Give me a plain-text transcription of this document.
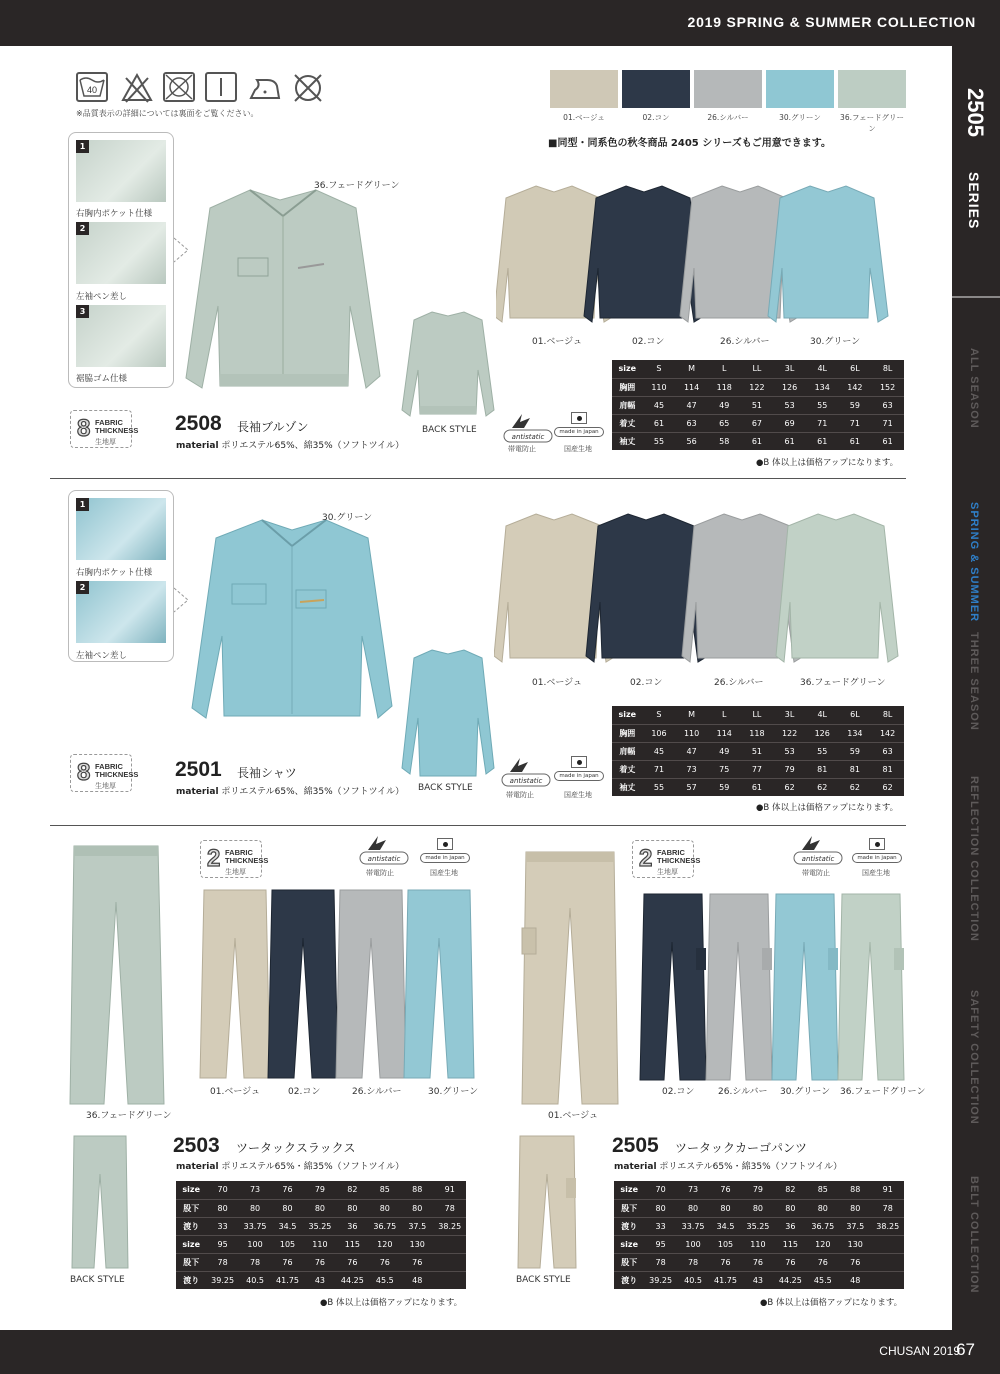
2019 SPRING & SUMMER COLLECTION
2505
SERIES
ALL SEASON
SPRING & SUMMER
THREE SEASON
REFLECTION COLLECTION
SAFETY COLLECTION
BELT COLLECTION
40
※品質表示の詳細については裏面をご覧ください。	01.ベージュ	02.コン	26.シルバー	30.グリーン	36.フェードグリーン
■同型・同系色の秋冬商品 2405 シリーズもご用意できます。
1
右胸内ポケット仕様
2
左袖ペン差し
3
裾脇ゴム仕様
36.フェードグリーン
BACK STYLE
01.ベージュ	02.コン	26.シルバー	30.グリーン
8 FABRIC
THICKNESS
生地厚
2508 長袖ブルゾン
material ポリエステル65%、綿35%（ソフトツイル）
antistatic
帯電防止
made in japan
国産生地
size	S	M	L	LL	3L	4L	6L	8L
胸囲	110	114	118	122	126	134	142	152
肩幅	45	47	49	51	53	55	59	63
着丈	61	63	65	67	69	71	71	71
袖丈	55	56	58	61	61	61	61	61
●B 体以上は価格アップになります。
1
右胸内ポケット仕様
2
左袖ペン差し
30.グリーン
BACK STYLE
01.ベージュ	02.コン	26.シルバー	36.フェードグリーン
8 FABRIC
THICKNESS
生地厚
2501 長袖シャツ
material ポリエステル65%、綿35%（ソフトツイル）
antistatic
帯電防止
made in japan
国産生地
size	S	M	L	LL	3L	4L	6L	8L
胸囲	106	110	114	118	122	126	134	142
肩幅	45	47	49	51	53	55	59	63
着丈	71	73	75	77	79	81	81	81
袖丈	55	57	59	61	62	62	62	62
●B 体以上は価格アップになります。
36.フェードグリーン
2 FABRIC
THICKNESS
生地厚
antistatic
帯電防止
made in japan
国産生地
01.ベージュ	02.コン	26.シルバー	30.グリーン
BACK STYLE
2503 ツータックスラックス
material ポリエステル65%・綿35%（ソフトツイル）
size	70	73	76	79	82	85	88	91
股下	80	80	80	80	80	80	80	78
渡り	33	33.75	34.5	35.25	36	36.75	37.5	38.25
size	95	100	105	110	115	120	130	
股下	78	78	76	76	76	76	76	
渡り	39.25	40.5	41.75	43	44.25	45.5	48	
●B 体以上は価格アップになります。
01.ベージュ
2 FABRIC
THICKNESS
生地厚
antistatic
帯電防止
made in japan
国産生地
02.コン	26.シルバー 30.グリーン 36.フェードグリーン
BACK STYLE
2505 ツータックカーゴパンツ
material ポリエステル65%・綿35%（ソフトツイル）
size	70	73	76	79	82	85	88	91
股下	80	80	80	80	80	80	80	78
渡り	33	33.75	34.5	35.25	36	36.75	37.5	38.25
size	95	100	105	110	115	120	130	
股下	78	78	76	76	76	76	76	
渡り	39.25	40.5	41.75	43	44.25	45.5	48	
●B 体以上は価格アップになります。
CHUSAN 2019
67
